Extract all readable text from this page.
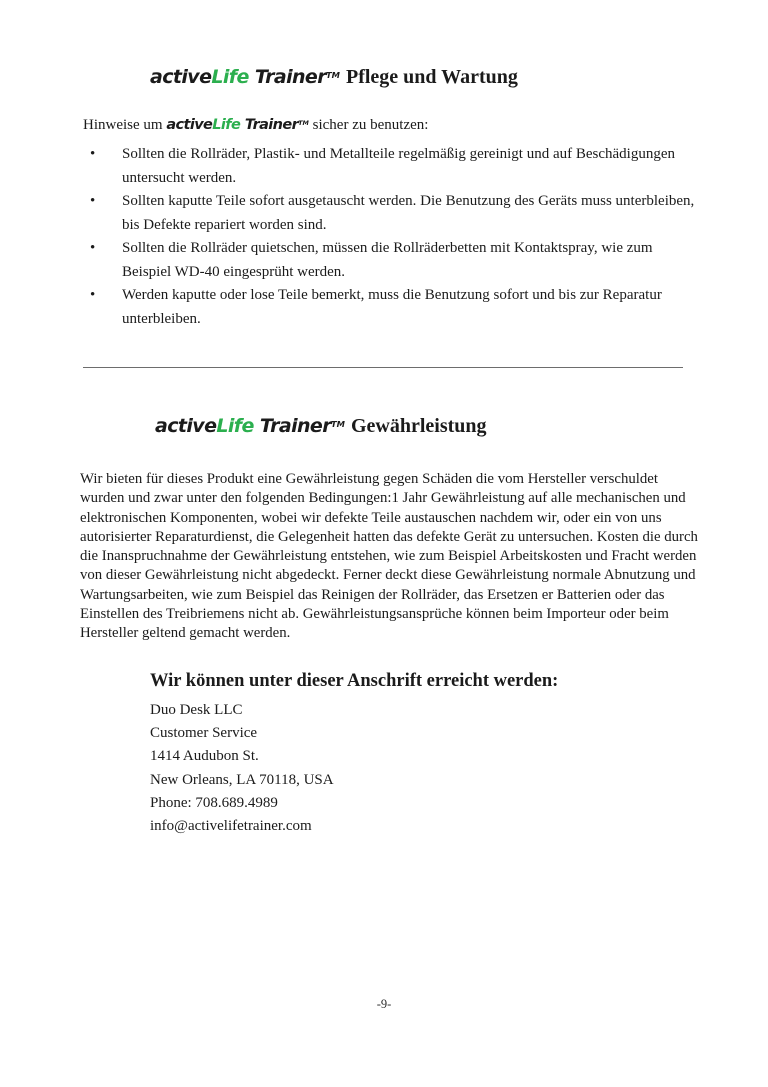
activeLife Trainer™ Pflege und Wartung

Hinweise um activeLife Trainer™ sicher zu benutzen:

• Sollten die Rollräder, Plastik- und Metallteile regelmäßig gereinigt und auf Beschädigungen untersucht werden.
• Sollten kaputte Teile sofort ausgetauscht werden. Die Benutzung des Geräts muss unterbleiben, bis Defekte repariert worden sind.
• Sollten die Rollräder quietschen, müssen die Rollräderbetten mit Kontaktspray, wie zum Beispiel WD-40 eingesprüht werden.
• Werden kaputte oder lose Teile bemerkt, muss die Benutzung sofort und bis zur Reparatur unterbleiben.
activeLife Trainer™ Gewährleistung

Wir bieten für dieses Produkt eine Gewährleistung gegen Schäden die vom Hersteller verschuldet wurden und zwar unter den folgenden Bedingungen:1 Jahr Gewährleistung auf alle mechanischen und elektronischen Komponenten, wobei wir defekte Teile austauschen nachdem wir, oder ein von uns autorisierter Reparaturdienst, die Gelegenheit hatten das defekte Gerät zu untersuchen. Kosten die durch die Inanspruchnahme der Gewährleistung entstehen, wie zum Beispiel Arbeitskosten und Fracht werden von dieser Gewährleistung nicht abgedeckt. Ferner deckt diese Gewährleistung normale Abnutzung und Wartungsarbeiten, wie zum Beispiel das Reinigen der Rollräder, das Ersetzen er Batterien oder das Einstellen des Treibriemens nicht ab. Gewährleistungsansprüche können beim Importeur oder beim Hersteller geltend gemacht werden.

Wir können unter dieser Anschrift erreicht werden:
Duo Desk LLC
Customer Service
1414 Audubon St.
New Orleans, LA 70118, USA
Phone: 708.689.4989
info@activelifetrainer.com
-9-
